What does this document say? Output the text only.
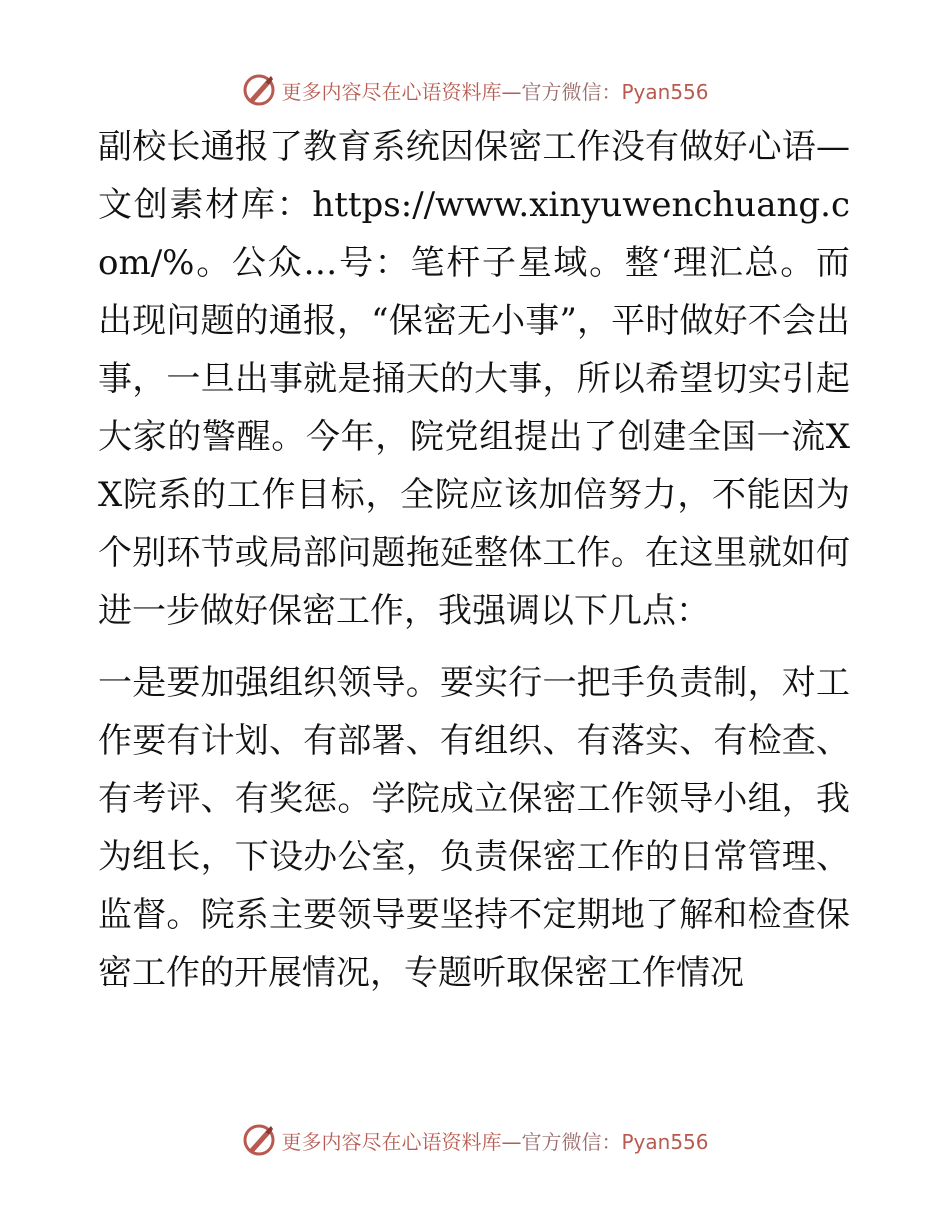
更多内容尽在心语资料库—官方微信：Pyan556

副校长通报了教育系统因保密工作没有做好心语—文创素材库：https://www.xinyuwenchuang.com/%。公众…号：笔杆子星域。整‘理汇总。而出现问题的通报，“保密无小事”，平时做好不会出事，一旦出事就是捅天的大事，所以希望切实引起大家的警醒。今年，院党组提出了创建全国一流XX院系的工作目标，全院应该加倍努力，不能因为个别环节或局部问题拖延整体工作。在这里就如何进一步做好保密工作，我强调以下几点：

一是要加强组织领导。要实行一把手负责制，对工作要有计划、有部署、有组织、有落实、有检查、有考评、有奖惩。学院成立保密工作领导小组，我为组长，下设办公室，负责保密工作的日常管理、监督。院系主要领导要坚持不定期地了解和检查保密工作的开展情况，专题听取保密工作情况

更多内容尽在心语资料库—官方微信：Pyan556
